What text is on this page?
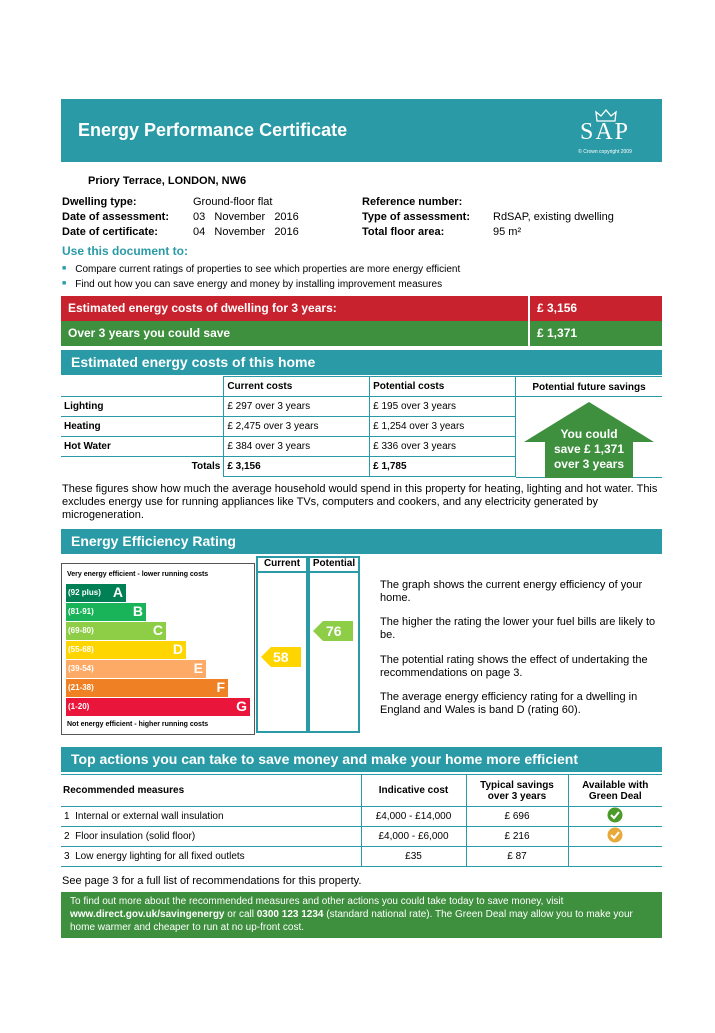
Energy Performance Certificate	SAP
© Crown copyright 2009
Priory Terrace, LONDON, NW6
Dwelling type:	Ground-floor flat
Date of assessment: 03   November   2016
Date of certificate:	04   November   2016
Reference number:
Type of assessment: RdSAP, existing dwelling
Total floor area:	95 m²
Use this document to:
■ Compare current ratings of properties to see which properties are more energy efficient
■ Find out how you can save energy and money by installing improvement measures
Estimated energy costs of dwelling for 3 years:	£ 3,156
Over 3 years you could save	£ 1,371
Estimated energy costs of this home
	Current costs	Potential costs
Lighting	£ 297 over 3 years	£ 195 over 3 years
Heating	£ 2,475 over 3 years	£ 1,254 over 3 years
Hot Water	£ 384 over 3 years	£ 336 over 3 years
Totals	£ 3,156	£ 1,785
Potential future savings
You could
save £ 1,371
over 3 years
These figures show how much the average household would spend in this property for heating, lighting and hot water. This excludes energy use for running appliances like TVs, computers and cookers, and any electricity generated by microgeneration.
Energy Efficiency Rating
Very energy efficient - lower running costs
(92 plus) A
(81-91)	B
(69-80)	C
(55-68)	D
(39-54)	E
(21-38)	F
(1-20)	G
Not energy efficient - higher running costs
Current	Potential
58
76
The graph shows the current energy efficiency of your home.
The higher the rating the lower your fuel bills are likely to be.
The potential rating shows the effect of undertaking the recommendations on page 3.
The average energy efficiency rating for a dwelling in England and Wales is band D (rating 60).
Top actions you can take to save money and make your home more efficient
Recommended measures	Indicative cost	Typical savings over 3 years	Available with Green Deal
1 Internal or external wall insulation	£4,000 - £14,000	£ 696	
2 Floor insulation (solid floor)	£4,000 - £6,000	£ 216	
3 Low energy lighting for all fixed outlets	£35	£ 87	
See page 3 for a full list of recommendations for this property.
To find out more about the recommended measures and other actions you could take today to save money, visit www.direct.gov.uk/savingenergy or call 0300 123 1234 (standard national rate). The Green Deal may allow you to make your home warmer and cheaper to run at no up-front cost.
